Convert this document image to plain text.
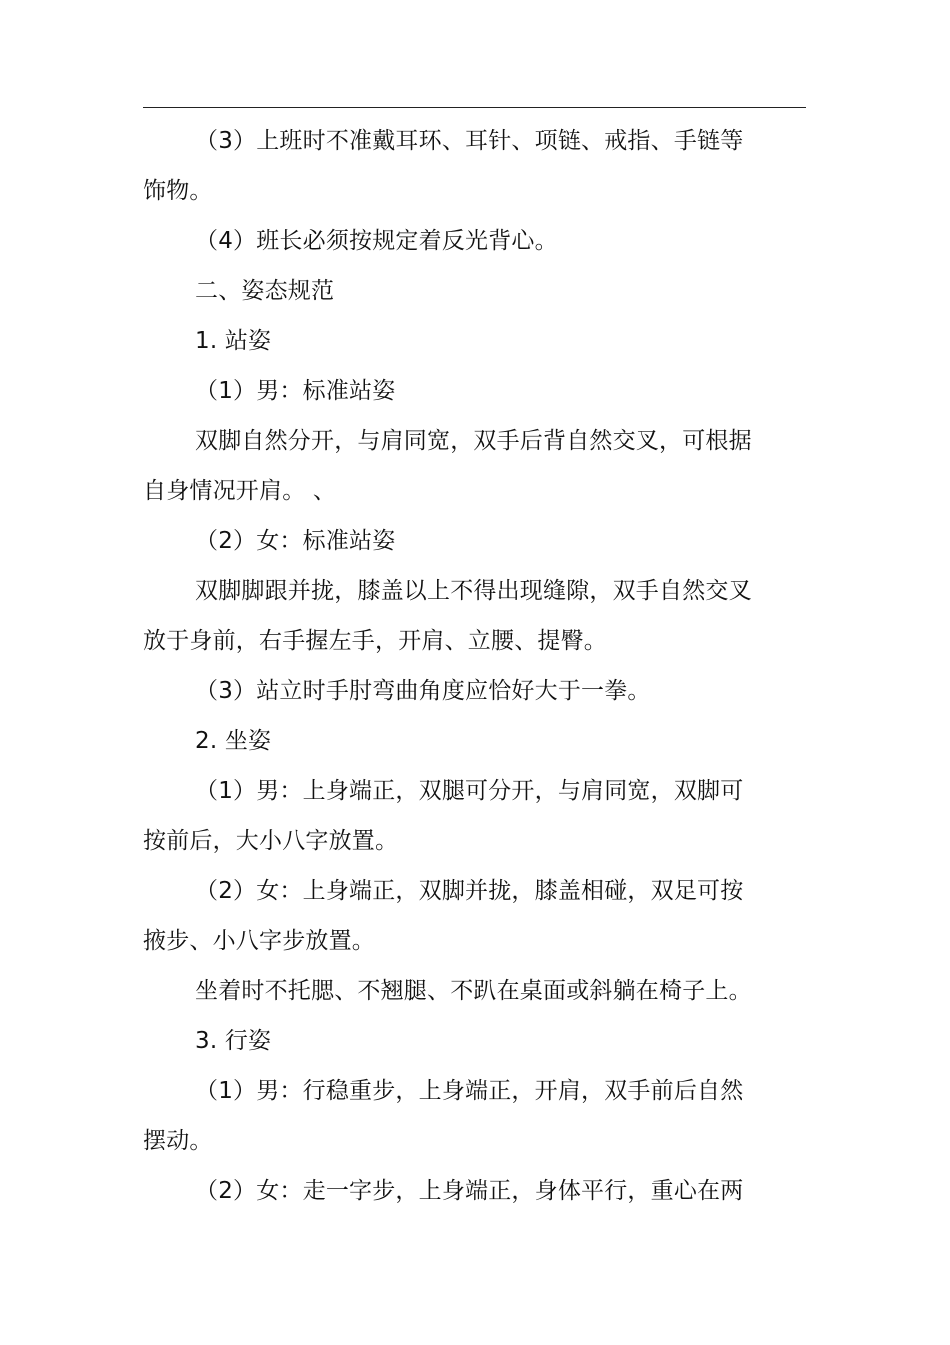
（3）上班时不准戴耳环、耳针、项链、戒指、手链等
饰物。
（4）班长必须按规定着反光背心。
二、姿态规范
1. 站姿
（1）男：标准站姿
双脚自然分开，与肩同宽，双手后背自然交叉，可根据
自身情况开肩。 、
（2）女：标准站姿
双脚脚跟并拢，膝盖以上不得出现缝隙，双手自然交叉
放于身前，右手握左手，开肩、立腰、提臀。
（3）站立时手肘弯曲角度应恰好大于一拳。
2. 坐姿
（1）男：上身端正，双腿可分开，与肩同宽，双脚可
按前后，大小八字放置。
（2）女：上身端正，双脚并拢，膝盖相碰，双足可按
掖步、小八字步放置。
坐着时不托腮、不翘腿、不趴在桌面或斜躺在椅子上。
3. 行姿
（1）男：行稳重步，上身端正，开肩，双手前后自然
摆动。
（2）女：走一字步，上身端正，身体平行，重心在两
